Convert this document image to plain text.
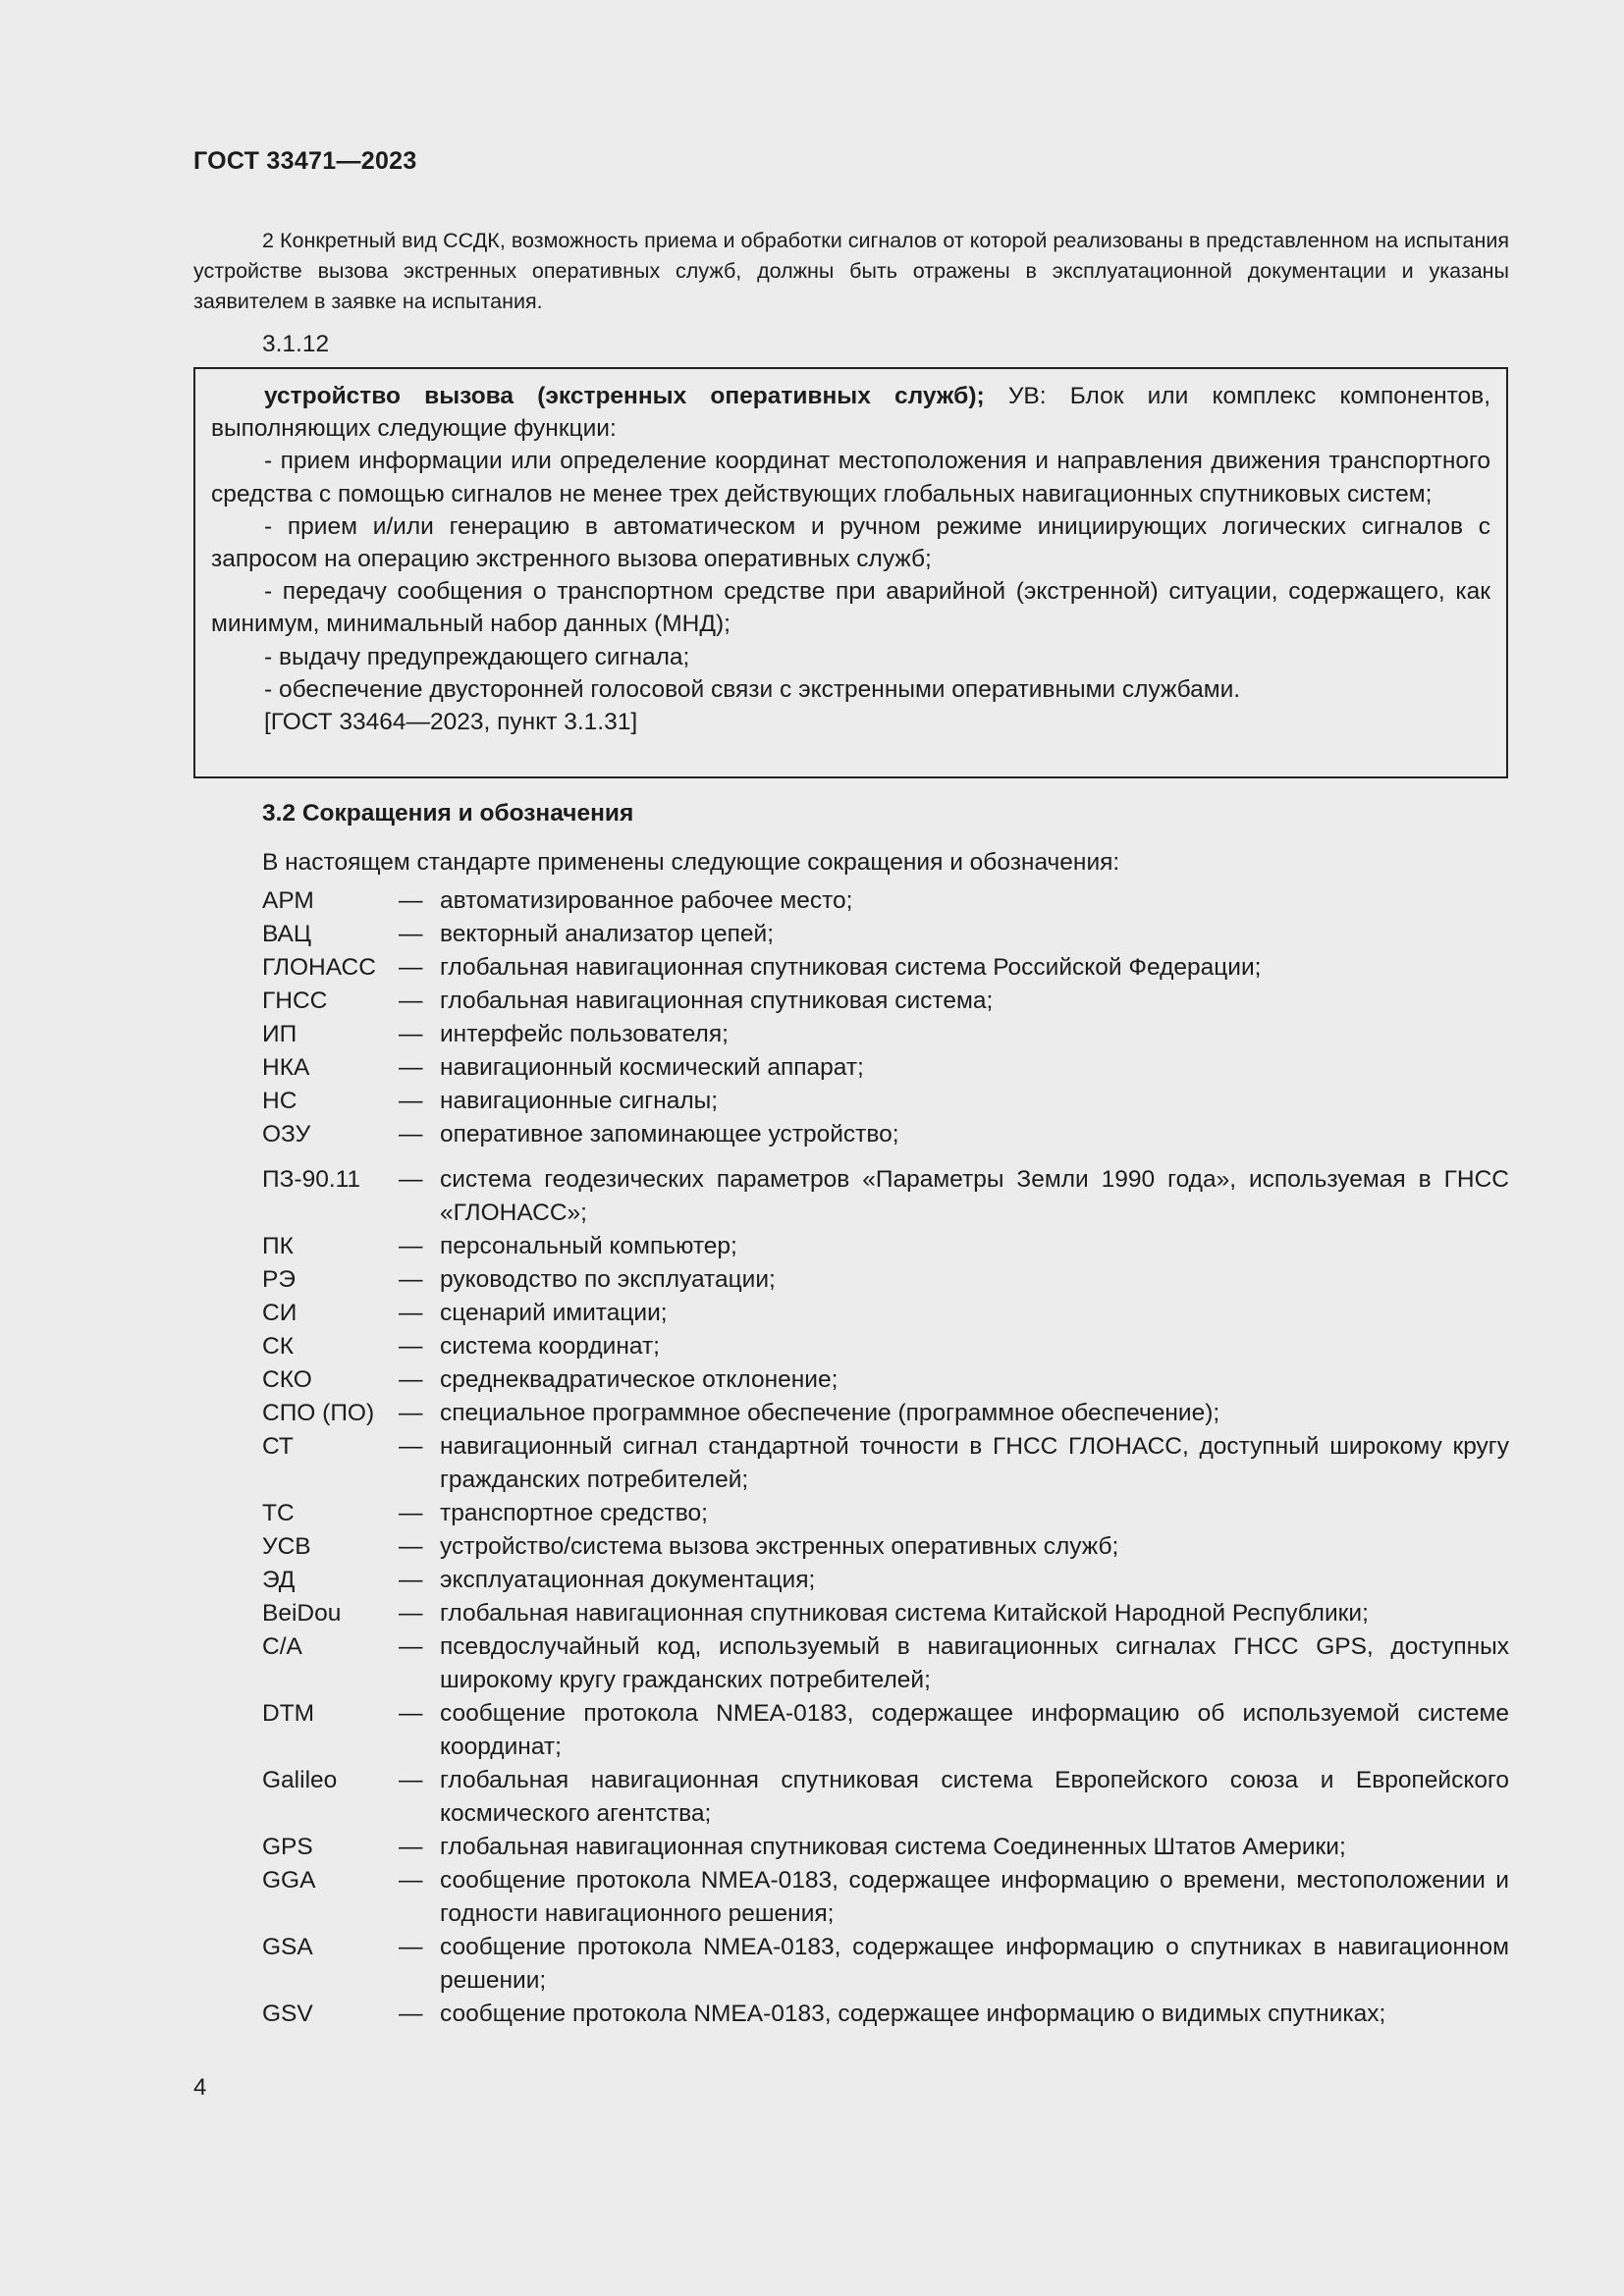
ГОСТ 33471—2023
2 Конкретный вид ССДК, возможность приема и обработки сигналов от которой реализованы в представленном на испытания устройстве вызова экстренных оперативных служб, должны быть отражены в эксплуатационной документации и указаны заявителем в заявке на испытания.
3.1.12
устройство вызова (экстренных оперативных служб); УВ: Блок или комплекс компонентов, выполняющих следующие функции:
- прием информации или определение координат местоположения и направления движения транспортного средства с помощью сигналов не менее трех действующих глобальных навигационных спутниковых систем;
- прием и/или генерацию в автоматическом и ручном режиме инициирующих логических сигналов с запросом на операцию экстренного вызова оперативных служб;
- передачу сообщения о транспортном средстве при аварийной (экстренной) ситуации, содержащего, как минимум, минимальный набор данных (МНД);
- выдачу предупреждающего сигнала;
- обеспечение двусторонней голосовой связи с экстренными оперативными службами.
[ГОСТ 33464—2023, пункт 3.1.31]
3.2 Сокращения и обозначения
В настоящем стандарте применены следующие сокращения и обозначения:
АРМ	— автоматизированное рабочее место;
ВАЦ	— векторный анализатор цепей;
ГЛОНАСС — глобальная навигационная спутниковая система Российской Федерации;
ГНСС	— глобальная навигационная спутниковая система;
ИП	— интерфейс пользователя;
НКА	— навигационный космический аппарат;
НС	— навигационные сигналы;
ОЗУ	— оперативное запоминающее устройство;
ПЗ-90.11	— система геодезических параметров «Параметры Земли 1990 года», используемая в ГНСС «ГЛОНАСС»;
ПК	— персональный компьютер;
РЭ	— руководство по эксплуатации;
СИ	— сценарий имитации;
СК	— система координат;
СКО	— среднеквадратическое отклонение;
СПО (ПО)	— специальное программное обеспечение (программное обеспечение);
СТ	— навигационный сигнал стандартной точности в ГНСС ГЛОНАСС, доступный широкому кругу гражданских потребителей;
ТС	— транспортное средство;
УСВ	— устройство/система вызова экстренных оперативных служб;
ЭД	— эксплуатационная документация;
BeiDou	— глобальная навигационная спутниковая система Китайской Народной Республики;
C/A	— псевдослучайный код, используемый в навигационных сигналах ГНСС GPS, доступных широкому кругу гражданских потребителей;
DTM	— сообщение протокола NMEA-0183, содержащее информацию об используемой системе координат;
Galileo	— глобальная навигационная спутниковая система Европейского союза и Европейского космического агентства;
GPS	— глобальная навигационная спутниковая система Соединенных Штатов Америки;
GGA	— сообщение протокола NMEA-0183, содержащее информацию о времени, местоположении и годности навигационного решения;
GSA	— сообщение протокола NMEA-0183, содержащее информацию о спутниках в навигационном решении;
GSV	— сообщение протокола NMEA-0183, содержащее информацию о видимых спутниках;
4
